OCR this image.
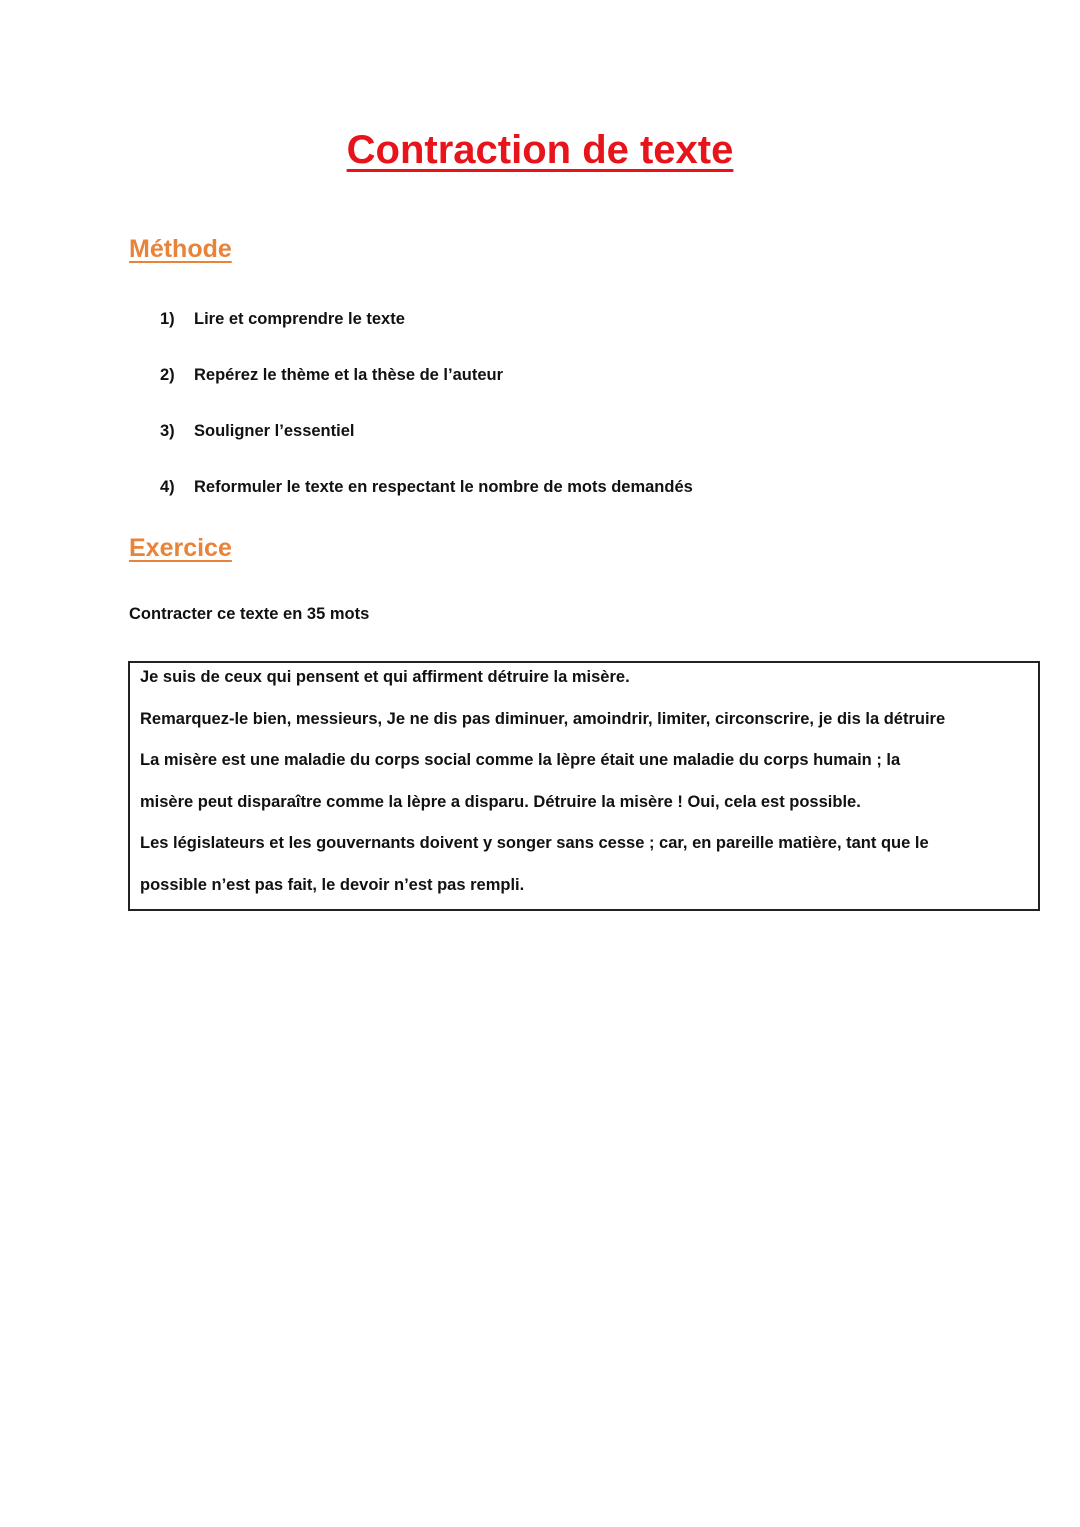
Contraction de texte
Méthode
1)	Lire et comprendre le texte
2)	Repérez le thème et la thèse de l’auteur
3)	Souligner l’essentiel
4)	Reformuler le texte en respectant le nombre de mots demandés
Exercice

Contracter ce texte en 35 mots

Je suis de ceux qui pensent et qui affirment détruire la misère.

Remarquez-le bien, messieurs, Je ne dis pas diminuer, amoindrir, limiter, circonscrire, je dis la détruire

La misère est une maladie du corps social comme la lèpre était une maladie du corps humain ; la

misère peut disparaître comme la lèpre a disparu. Détruire la misère ! Oui, cela est possible.

Les législateurs et les gouvernants doivent y songer sans cesse ; car, en pareille matière, tant que le

possible n’est pas fait, le devoir n’est pas rempli.
